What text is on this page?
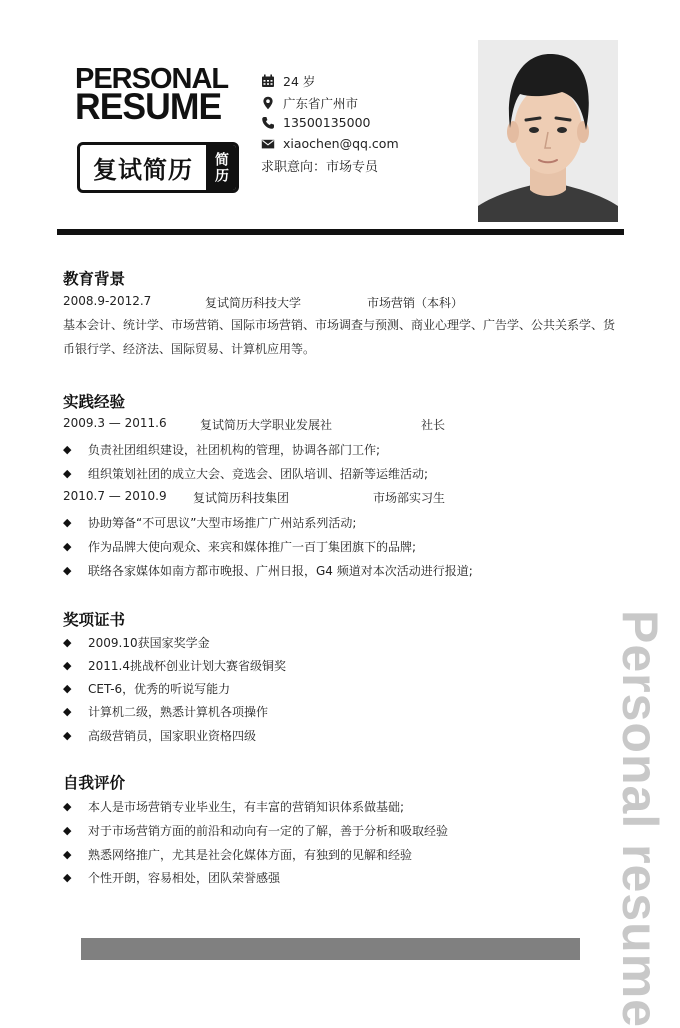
PERSONAL
RESUME
复试简历	简历
24 岁
广东省广州市
13500135000
xiaochen@qq.com
求职意向：市场专员
教育背景
2008.9-2012.7	复试简历科技大学	市场营销（本科）
基本会计、统计学、市场营销、国际市场营销、市场调查与预测、商业心理学、广告学、公共关系学、货
币银行学、经济法、国际贸易、计算机应用等。
实践经验
2009.3 — 2011.6	复试简历大学职业发展社	社长
◆	负责社团组织建设，社团机构的管理，协调各部门工作;
◆	组织策划社团的成立大会、竞选会、团队培训、招新等运维活动;
2010.7 — 2010.9 复试简历科技集团	市场部实习生
◆	协助筹备“不可思议”大型市场推广广州站系列活动;
◆	作为品牌大使向观众、来宾和媒体推广一百丁集团旗下的品牌;
◆	联络各家媒体如南方都市晚报、广州日报，G4 频道对本次活动进行报道;
奖项证书
◆	2009.10获国家奖学金
◆	2011.4挑战杯创业计划大赛省级铜奖
◆	CET-6，优秀的听说写能力
◆	计算机二级，熟悉计算机各项操作
◆	高级营销员，国家职业资格四级
自我评价
◆	本人是市场营销专业毕业生，有丰富的营销知识体系做基础;
◆	对于市场营销方面的前沿和动向有一定的了解，善于分析和吸取经验
◆	熟悉网络推广，尤其是社会化媒体方面，有独到的见解和经验
◆	个性开朗，容易相处，团队荣誉感强	Personal resume
